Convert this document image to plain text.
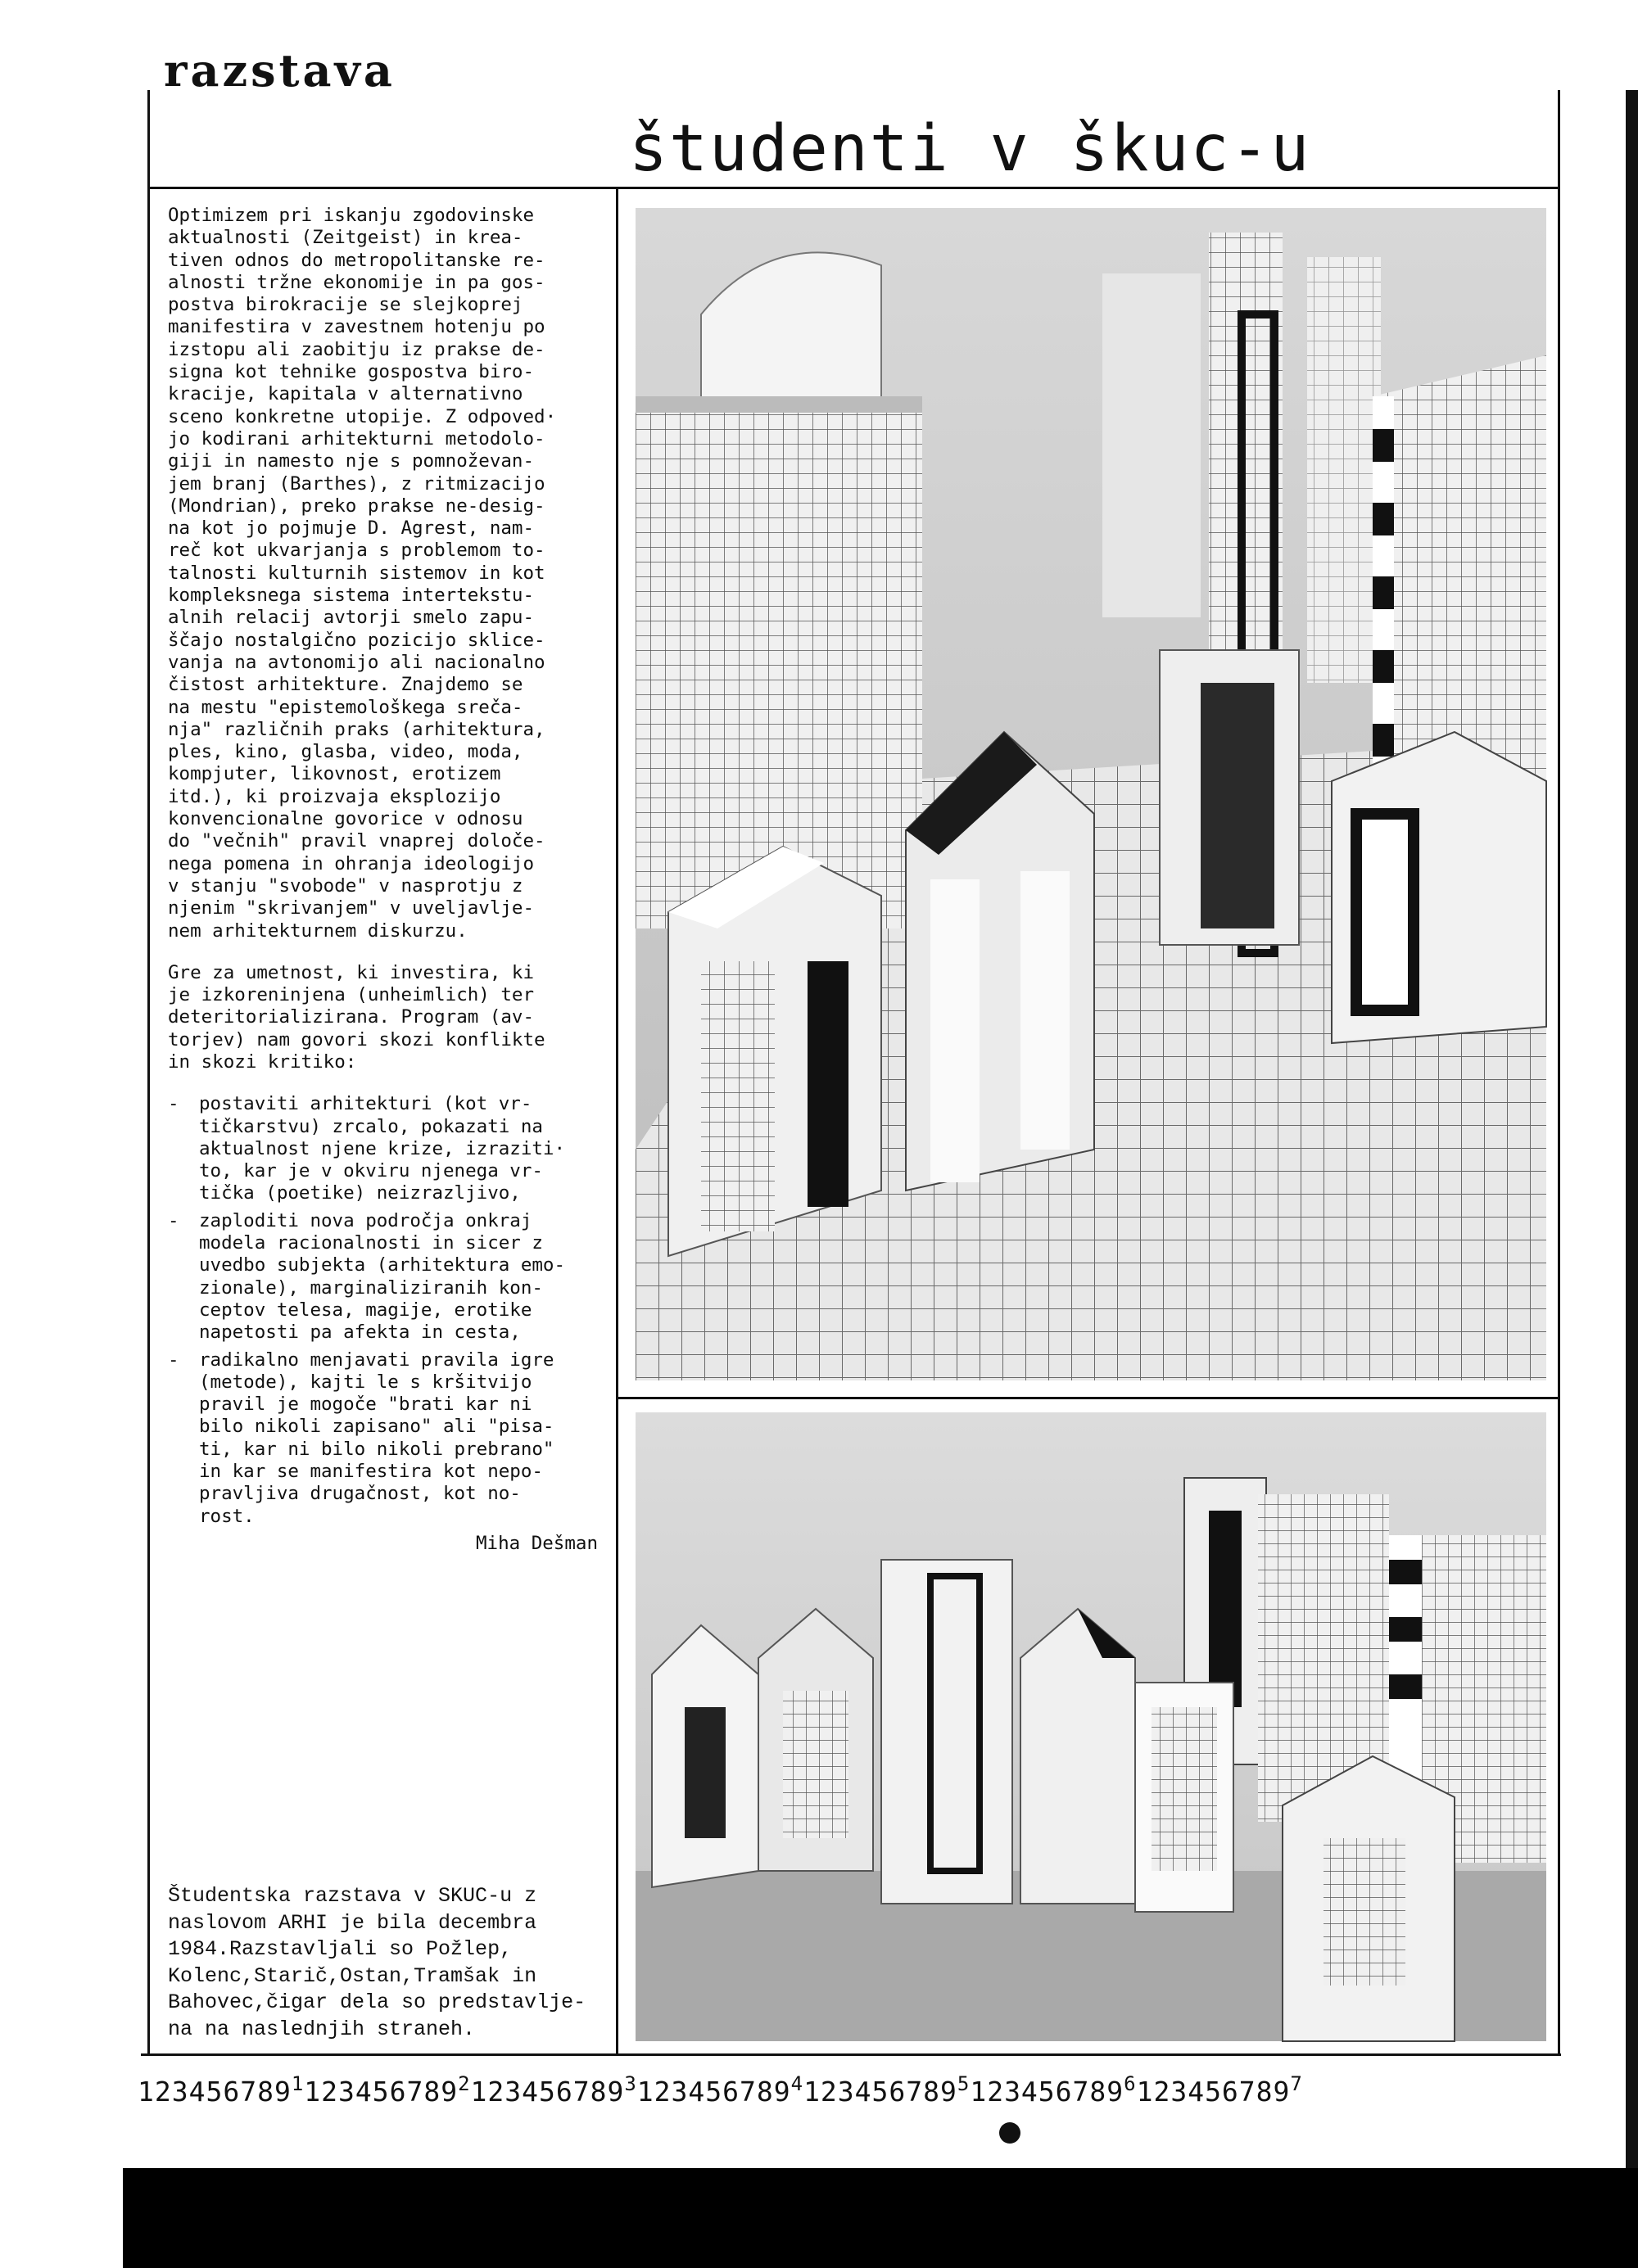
razstava
študenti v škuc-u

Optimizem pri iskanju zgodovinske
aktualnosti (Zeitgeist) in krea-
tiven odnos do metropolitanske re-
alnosti tržne ekonomije in pa gos-
postva birokracije se slejkoprej
manifestira v zavestnem hotenju po
izstopu ali zaobitju iz prakse de-
signa kot tehnike gospostva biro-
kracije, kapitala v alternativno
sceno konkretne utopije. Z odpoved·
jo kodirani arhitekturni metodolo-
giji in namesto nje s pomnoževan-
jem branj (Barthes), z ritmizacijo
(Mondrian), preko prakse ne-desig-
na kot jo pojmuje D. Agrest, nam-
reč kot ukvarjanja s problemom to-
talnosti kulturnih sistemov in kot
kompleksnega sistema intertekstu-
alnih relacij avtorji smelo zapu-
ščajo nostalgično pozicijo sklice-
vanja na avtonomijo ali nacionalno
čistost arhitekture. Znajdemo se
na mestu "epistemološkega sreča-
nja" različnih praks (arhitektura,
ples, kino, glasba, video, moda,
kompjuter, likovnost, erotizem
itd.), ki proizvaja eksplozijo
konvencionalne govorice v odnosu
do "večnih" pravil vnaprej določe-
nega pomena in ohranja ideologijo
v stanju "svobode" v nasprotju z
njenim "skrivanjem" v uveljavlje-
nem arhitekturnem diskurzu.

Gre za umetnost, ki investira, ki
je izkoreninjena (unheimlich) ter
deteritorializirana. Program (av-
torjev) nam govori skozi konflikte
in skozi kritiko:

- postaviti arhitekturi (kot vr-
tičkarstvu) zrcalo, pokazati na
aktualnost njene krize, izraziti·
to, kar je v okviru njenega vr-
tička (poetike) neizrazljivo,
- zaploditi nova področja onkraj
modela racionalnosti in sicer z
uvedbo subjekta (arhitektura emo-
zionale), marginaliziranih kon-
ceptov telesa, magije, erotike
napetosti pa afekta in cesta,
- radikalno menjavati pravila igre
(metode), kajti le s kršitvijo
pravil je mogoče "brati kar ni
bilo nikoli zapisano" ali "pisa-
ti, kar ni bilo nikoli prebrano"
in kar se manifestira kot nepo-
pravljiva drugačnost, kot no-
rost.
Miha Dešman
Študentska razstava v SKUC-u z
naslovom ARHI je bila decembra
1984.Razstavljali so Požlep,
Kolenc,Starič,Ostan,Tramšak in
Bahovec,čigar dela so predstavlje-
na na naslednjih straneh.
123456789$^1$123456789$^2$123456789$^3$123456789$^4$123456789$^5$123456789$^6$123456789$^7$
